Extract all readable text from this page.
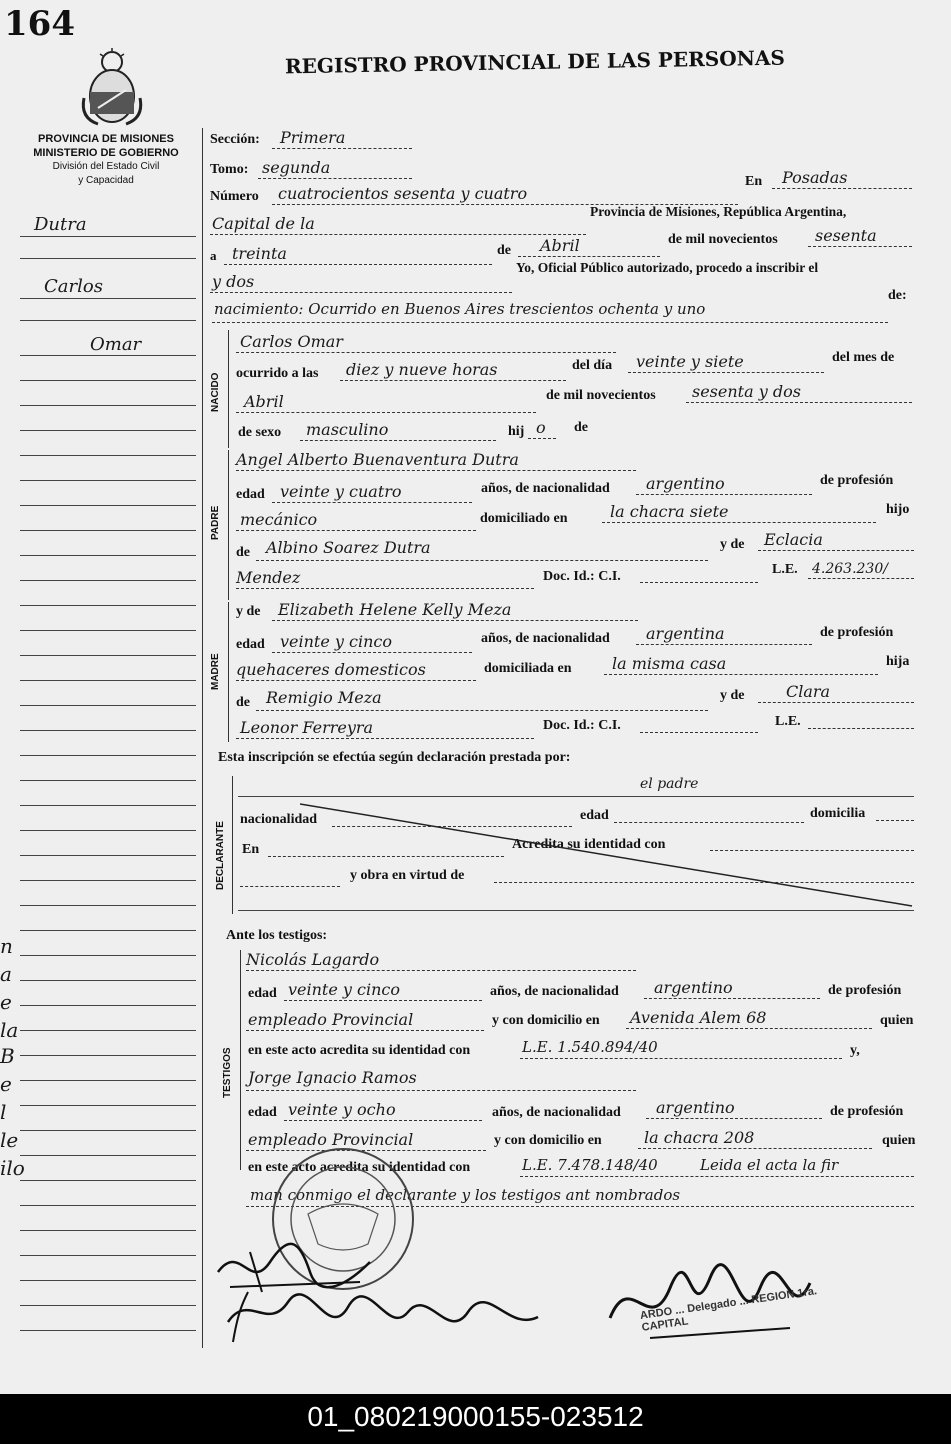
164
REGISTRO PROVINCIAL DE LAS PERSONAS
PROVINCIA DE MISIONES
MINISTERIO DE GOBIERNO
División del Estado Civil
y Capacidad
Dutra
Carlos
Omar
n
a
e
la
B
e
l
le
ilo
Sección: Primera
Tomo: segunda
Número cuatrocientos sesenta y cuatro
En Posadas
Capital de la
Provincia de Misiones, República Argentina,
a treinta	de Abril	de mil novecientos sesenta
y dos
Yo, Oficial Público autorizado, procedo a inscribir el
nacimiento: Ocurrido en Buenos Aires trescientos ochenta y uno
de:
NACIDO
Carlos Omar
ocurrido a las diez y nueve horas	del día veinte y siete	del mes de
Abril	de mil novecientos sesenta y dos
de sexo masculino	hij o de
PADRE
Angel Alberto Buenaventura Dutra
edad veinte y cuatro	años, de nacionalidad argentino	de profesión
mecánico	domiciliado en	la chacra siete	hijo
de Albino Soarez Dutra	y de Eclacia
Mendez	Doc. Id.: C.I.	L.E. 4.263.230/
MADRE
y de Elizabeth Helene Kelly Meza
edad veinte y cinco	años, de nacionalidad argentina	de profesión
quehaceres domesticos	domiciliada en	la misma casa	hija
de Remigio Meza	y de	Clara
Leonor Ferreyra	Doc. Id.: C.I.	L.E.
Esta inscripción se efectúa según declaración prestada por:
DECLARANTE
el padre
nacionalidad	edad	domicilia
En	Acredita su identidad con
y obra en virtud de
Ante los testigos:
TESTIGOS
Nicolás Lagardo
edad veinte y cinco	años, de nacionalidad argentino	de profesión
empleado Provincial	y con domicilio en Avenida Alem 68	quien
en este acto acredita su identidad con	L.E. 1.540.894/40	y,
Jorge Ignacio Ramos
edad veinte y ocho	años, de nacionalidad argentino	de profesión
empleado Provincial	y con domicilio en	la chacra 208	quien
en este acto acredita su identidad con	L.E. 7.478.148/40	Leida el acta la fir
man conmigo el declarante y los testigos ant nombrados
ARDO ... Delegado ... REGION 1ra. CAPITAL
01_080219000155-023512
